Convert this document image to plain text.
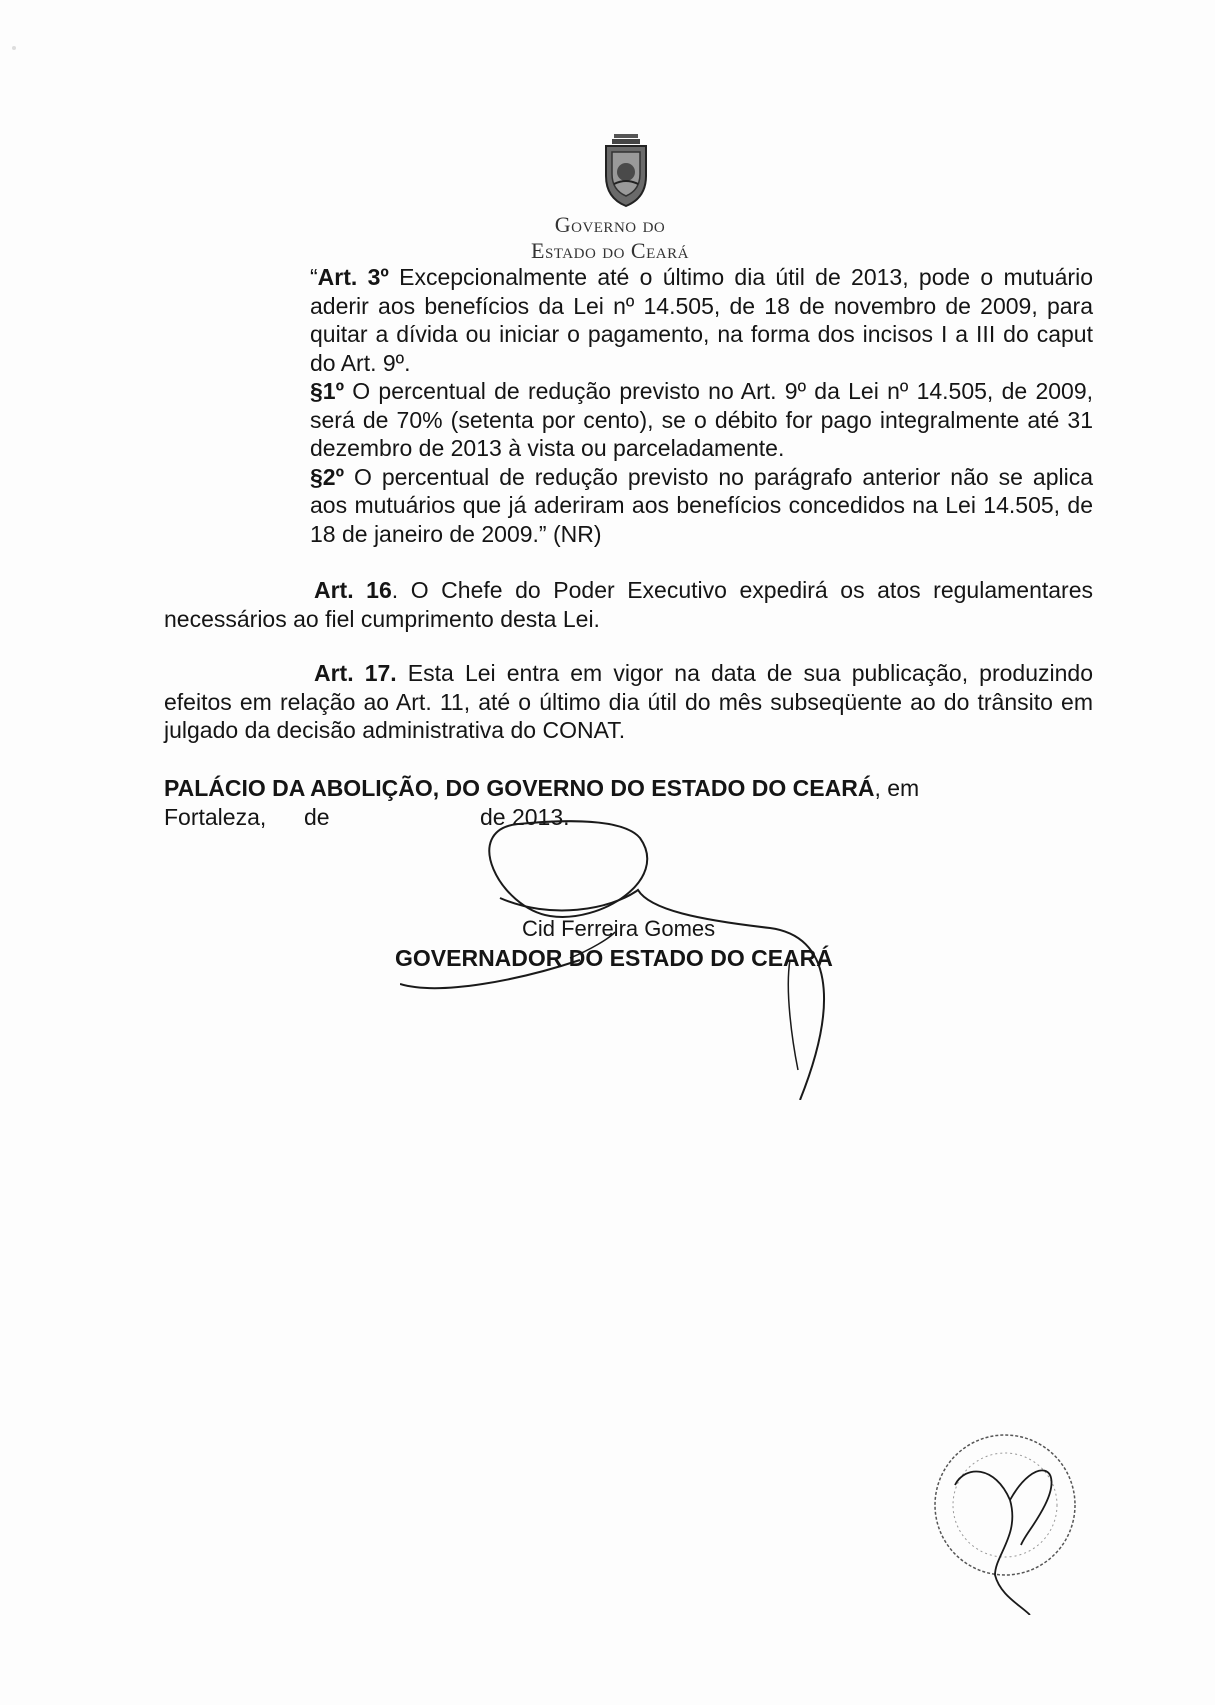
Governo do
Estado do Ceará

“Art. 3º Excepcionalmente até o último dia útil de 2013, pode o mutuário aderir aos benefícios da Lei nº 14.505, de 18 de novembro de 2009, para quitar a dívida ou iniciar o pagamento, na forma dos incisos I a III do caput do Art. 9º.

§1º O percentual de redução previsto no Art. 9º da Lei nº 14.505, de 2009, será de 70% (setenta por cento), se o débito for pago integralmente até 31 dezembro de 2013 à vista ou parceladamente.

§2º O percentual de redução previsto no parágrafo anterior não se aplica aos mutuários que já aderiram aos benefícios concedidos na Lei 14.505, de 18 de janeiro de 2009.” (NR)

Art. 16. O Chefe do Poder Executivo expedirá os atos regulamentares necessários ao fiel cumprimento desta Lei.
Art. 17. Esta Lei entra em vigor na data de sua publicação, produzindo efeitos em relação ao Art. 11, até o último dia útil do mês subseqüente ao do trânsito em julgado da decisão administrativa do CONAT.
PALÁCIO DA ABOLIÇÃO, DO GOVERNO DO ESTADO DO CEARÁ, em
Fortaleza, de	de 2013.
Cid Ferreira Gomes
GOVERNADOR DO ESTADO DO CEARÁ
